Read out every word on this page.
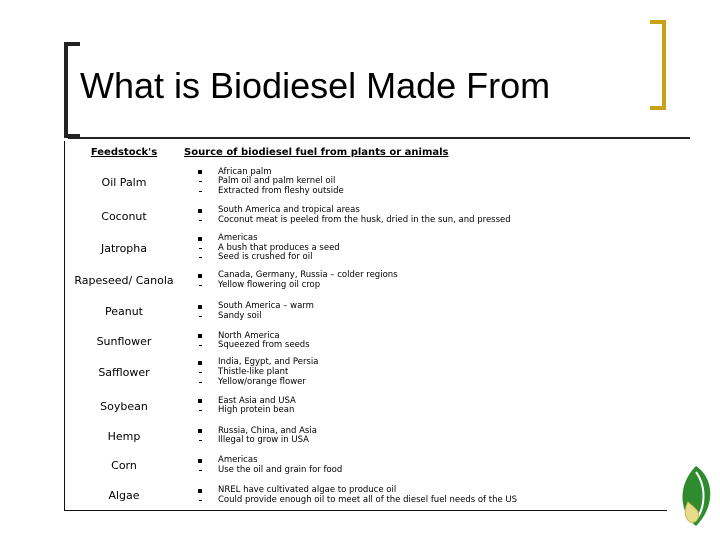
What is Biodiesel Made From
Feedstock's	Source of biodiesel fuel from plants or animals
Oil Palm	African palm
Palm oil and palm kernel oil
Extracted from fleshy outside

Coconut	South America and tropical areas
Coconut meat is peeled from the husk, dried in the sun, and pressed

Jatropha	Americas
A bush that produces a seed
Seed is crushed for oil

Rapeseed/ Canola	Canada, Germany, Russia – colder regions
Yellow flowering oil crop

Peanut	South America – warm
Sandy soil

Sunflower	North America
Squeezed from seeds

Safflower	India, Egypt, and Persia
Thistle-like plant
Yellow/orange flower

Soybean	East Asia and USA
High protein bean

Hemp	Russia, China, and Asia
Illegal to grow in USA

Corn	Americas
Use the oil and grain for food

Algae	NREL have cultivated algae to produce oil
Could provide enough oil to meet all of the diesel fuel needs of the US
